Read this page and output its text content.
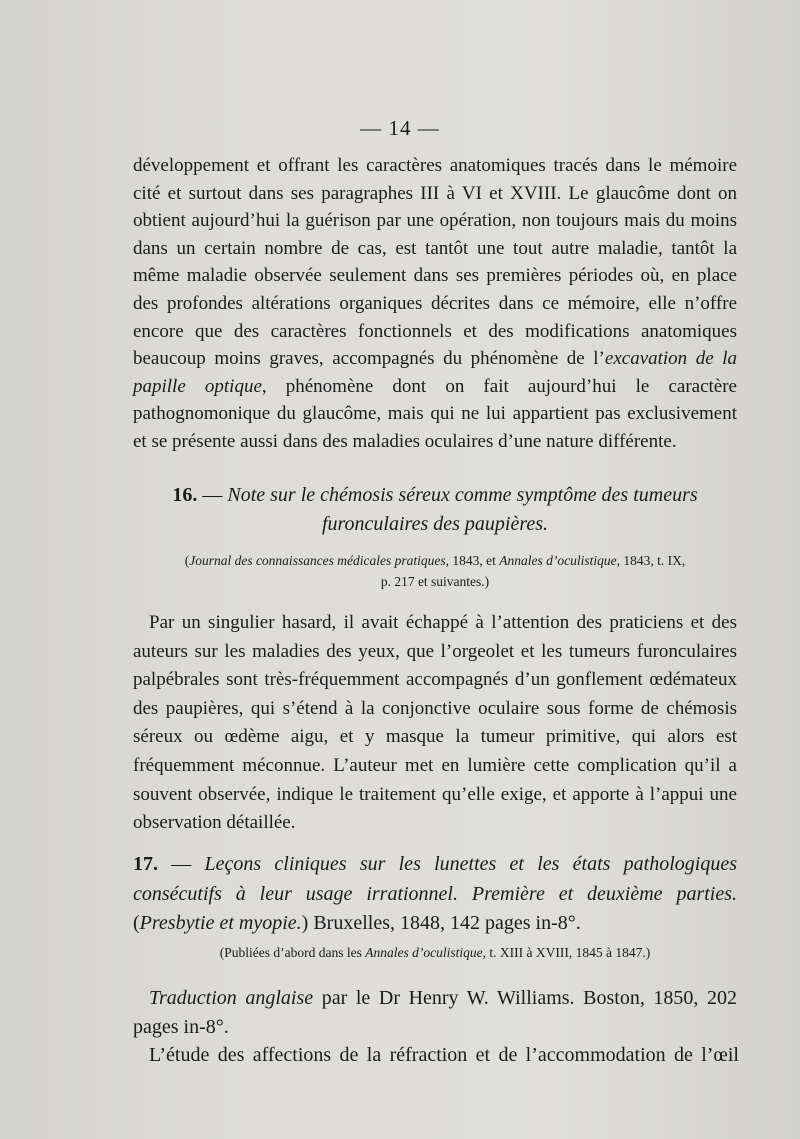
— 14 —
développement et offrant les caractères anatomiques tracés dans le mémoire cité et surtout dans ses paragraphes III à VI et XVIII. Le glaucôme dont on obtient aujourd’hui la guérison par une opération, non toujours mais du moins dans un certain nombre de cas, est tantôt une tout autre maladie, tantôt la même maladie observée seulement dans ses premières périodes où, en place des profondes altérations organiques décrites dans ce mémoire, elle n’offre encore que des caractères fonctionnels et des modifications anatomiques beaucoup moins graves, accompagnés du phénomène de l’excavation de la papille optique, phénomène dont on fait aujourd’hui le caractère pathognomonique du glaucôme, mais qui ne lui appartient pas exclusivement et se présente aussi dans des maladies oculaires d’une nature différente.
16. — Note sur le chémosis séreux comme symptôme des tumeurs
furonculaires des paupières.
(Journal des connaissances médicales pratiques, 1843, et Annales d’oculistique, 1843, t. IX,
p. 217 et suivantes.)
Par un singulier hasard, il avait échappé à l’attention des praticiens et des auteurs sur les maladies des yeux, que l’orgeolet et les tumeurs furonculaires palpébrales sont très-fréquemment accompagnés d’un gonflement œdémateux des paupières, qui s’étend à la conjonctive oculaire sous forme de chémosis séreux ou œdème aigu, et y masque la tumeur primitive, qui alors est fréquemment méconnue. L’auteur met en lumière cette complication qu’il a souvent observée, indique le traitement qu’elle exige, et apporte à l’appui une observation détaillée.
17. — Leçons cliniques sur les lunettes et les états pathologiques consécutifs à leur usage irrationnel. Première et deuxième parties. (Presbytie et myopie.) Bruxelles, 1848, 142 pages in-8°.
(Publiées d’abord dans les Annales d’oculistique, t. XIII à XVIII, 1845 à 1847.)
Traduction anglaise par le Dr Henry W. Williams. Boston, 1850, 202 pages in-8°.
L’étude des affections de la réfraction et de l’accommodation de l’œil
